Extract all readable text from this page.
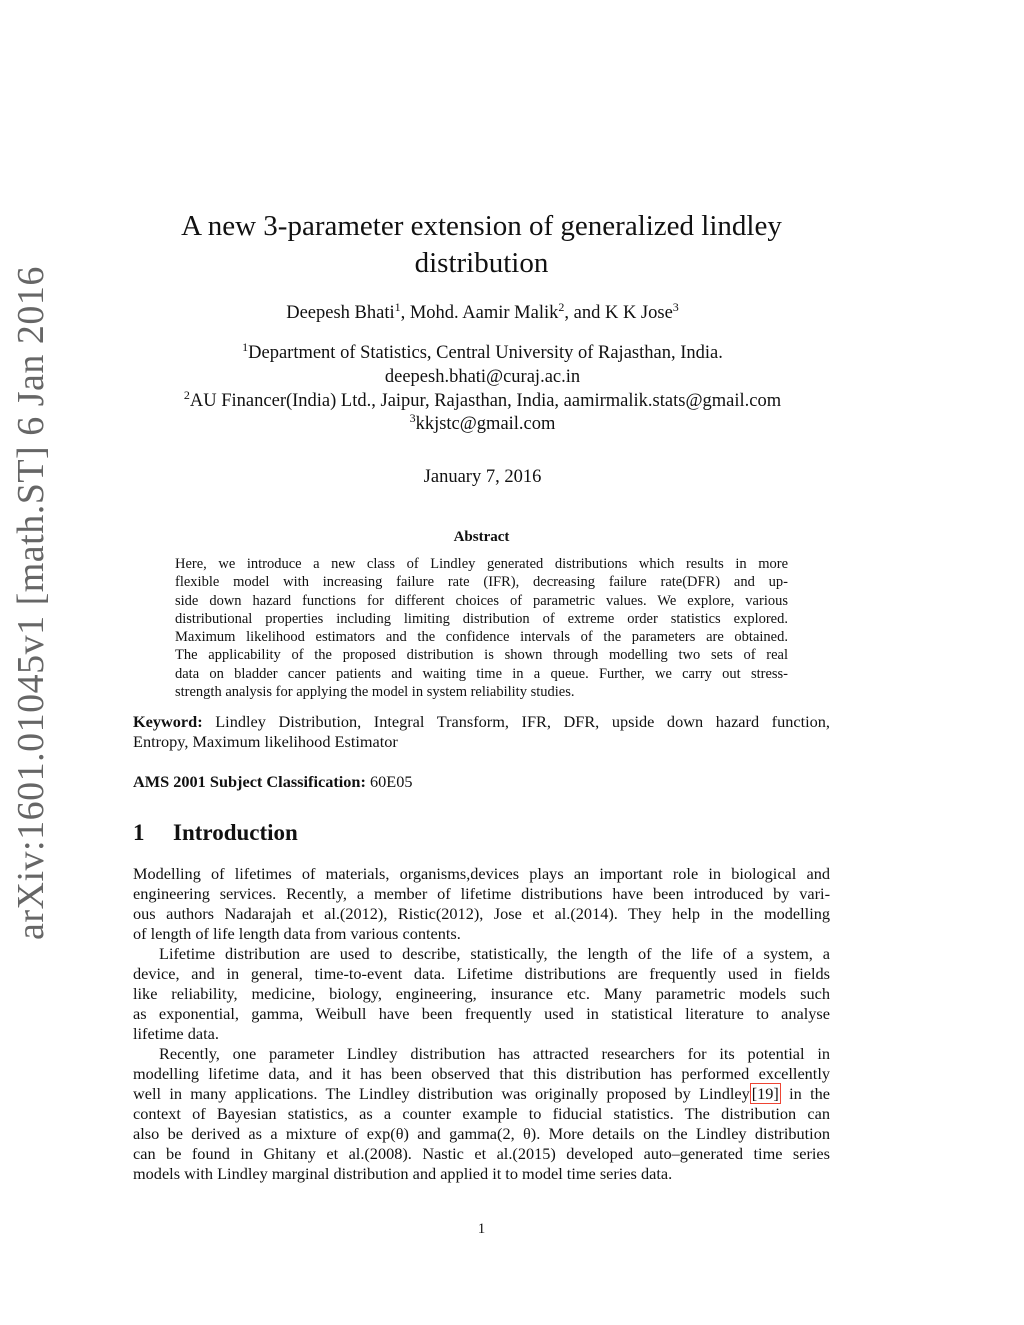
arXiv:1601.01045v1 [math.ST] 6 Jan 2016
A new 3-parameter extension of generalized lindley
distribution
Deepesh Bhati$^1$, Mohd. Aamir Malik$^2$, and K K Jose$^3$
$^1$Department of Statistics, Central University of Rajasthan, India.
deepesh.bhati@curaj.ac.in
$^2$AU Financer(India) Ltd., Jaipur, Rajasthan, India, aamirmalik.stats@gmail.com
$^3$kkjstc@gmail.com
January 7, 2016
Abstract
Here, we introduce a new class of Lindley generated distributions which results in more
flexible model with increasing failure rate (IFR), decreasing failure rate(DFR) and up-
side down hazard functions for different choices of parametric values. We explore, various
distributional properties including limiting distribution of extreme order statistics explored.
Maximum likelihood estimators and the confidence intervals of the parameters are obtained.
The applicability of the proposed distribution is shown through modelling two sets of real
data on bladder cancer patients and waiting time in a queue. Further, we carry out stress-
strength analysis for applying the model in system reliability studies.
Keyword: Lindley Distribution, Integral Transform, IFR, DFR, upside down hazard function,
Entropy, Maximum likelihood Estimator
AMS 2001 Subject Classification: 60E05
1 Introduction
Modelling of lifetimes of materials, organisms,devices plays an important role in biological and
engineering services. Recently, a member of lifetime distributions have been introduced by vari-
ous authors Nadarajah et al.(2012), Ristic(2012), Jose et al.(2014). They help in the modelling
of length of life length data from various contents.
Lifetime distribution are used to describe, statistically, the length of the life of a system, a
device, and in general, time-to-event data. Lifetime distributions are frequently used in fields
like reliability, medicine, biology, engineering, insurance etc. Many parametric models such
as exponential, gamma, Weibull have been frequently used in statistical literature to analyse
lifetime data.
Recently, one parameter Lindley distribution has attracted researchers for its potential in
modelling lifetime data, and it has been observed that this distribution has performed excellently
well in many applications. The Lindley distribution was originally proposed by Lindley [19] in the
context of Bayesian statistics, as a counter example to fiducial statistics. The distribution can
also be derived as a mixture of exp(θ) and gamma(2, θ). More details on the Lindley distribution
can be found in Ghitany et al.(2008). Nastic et al.(2015) developed auto–generated time series
models with Lindley marginal distribution and applied it to model time series data.
1
